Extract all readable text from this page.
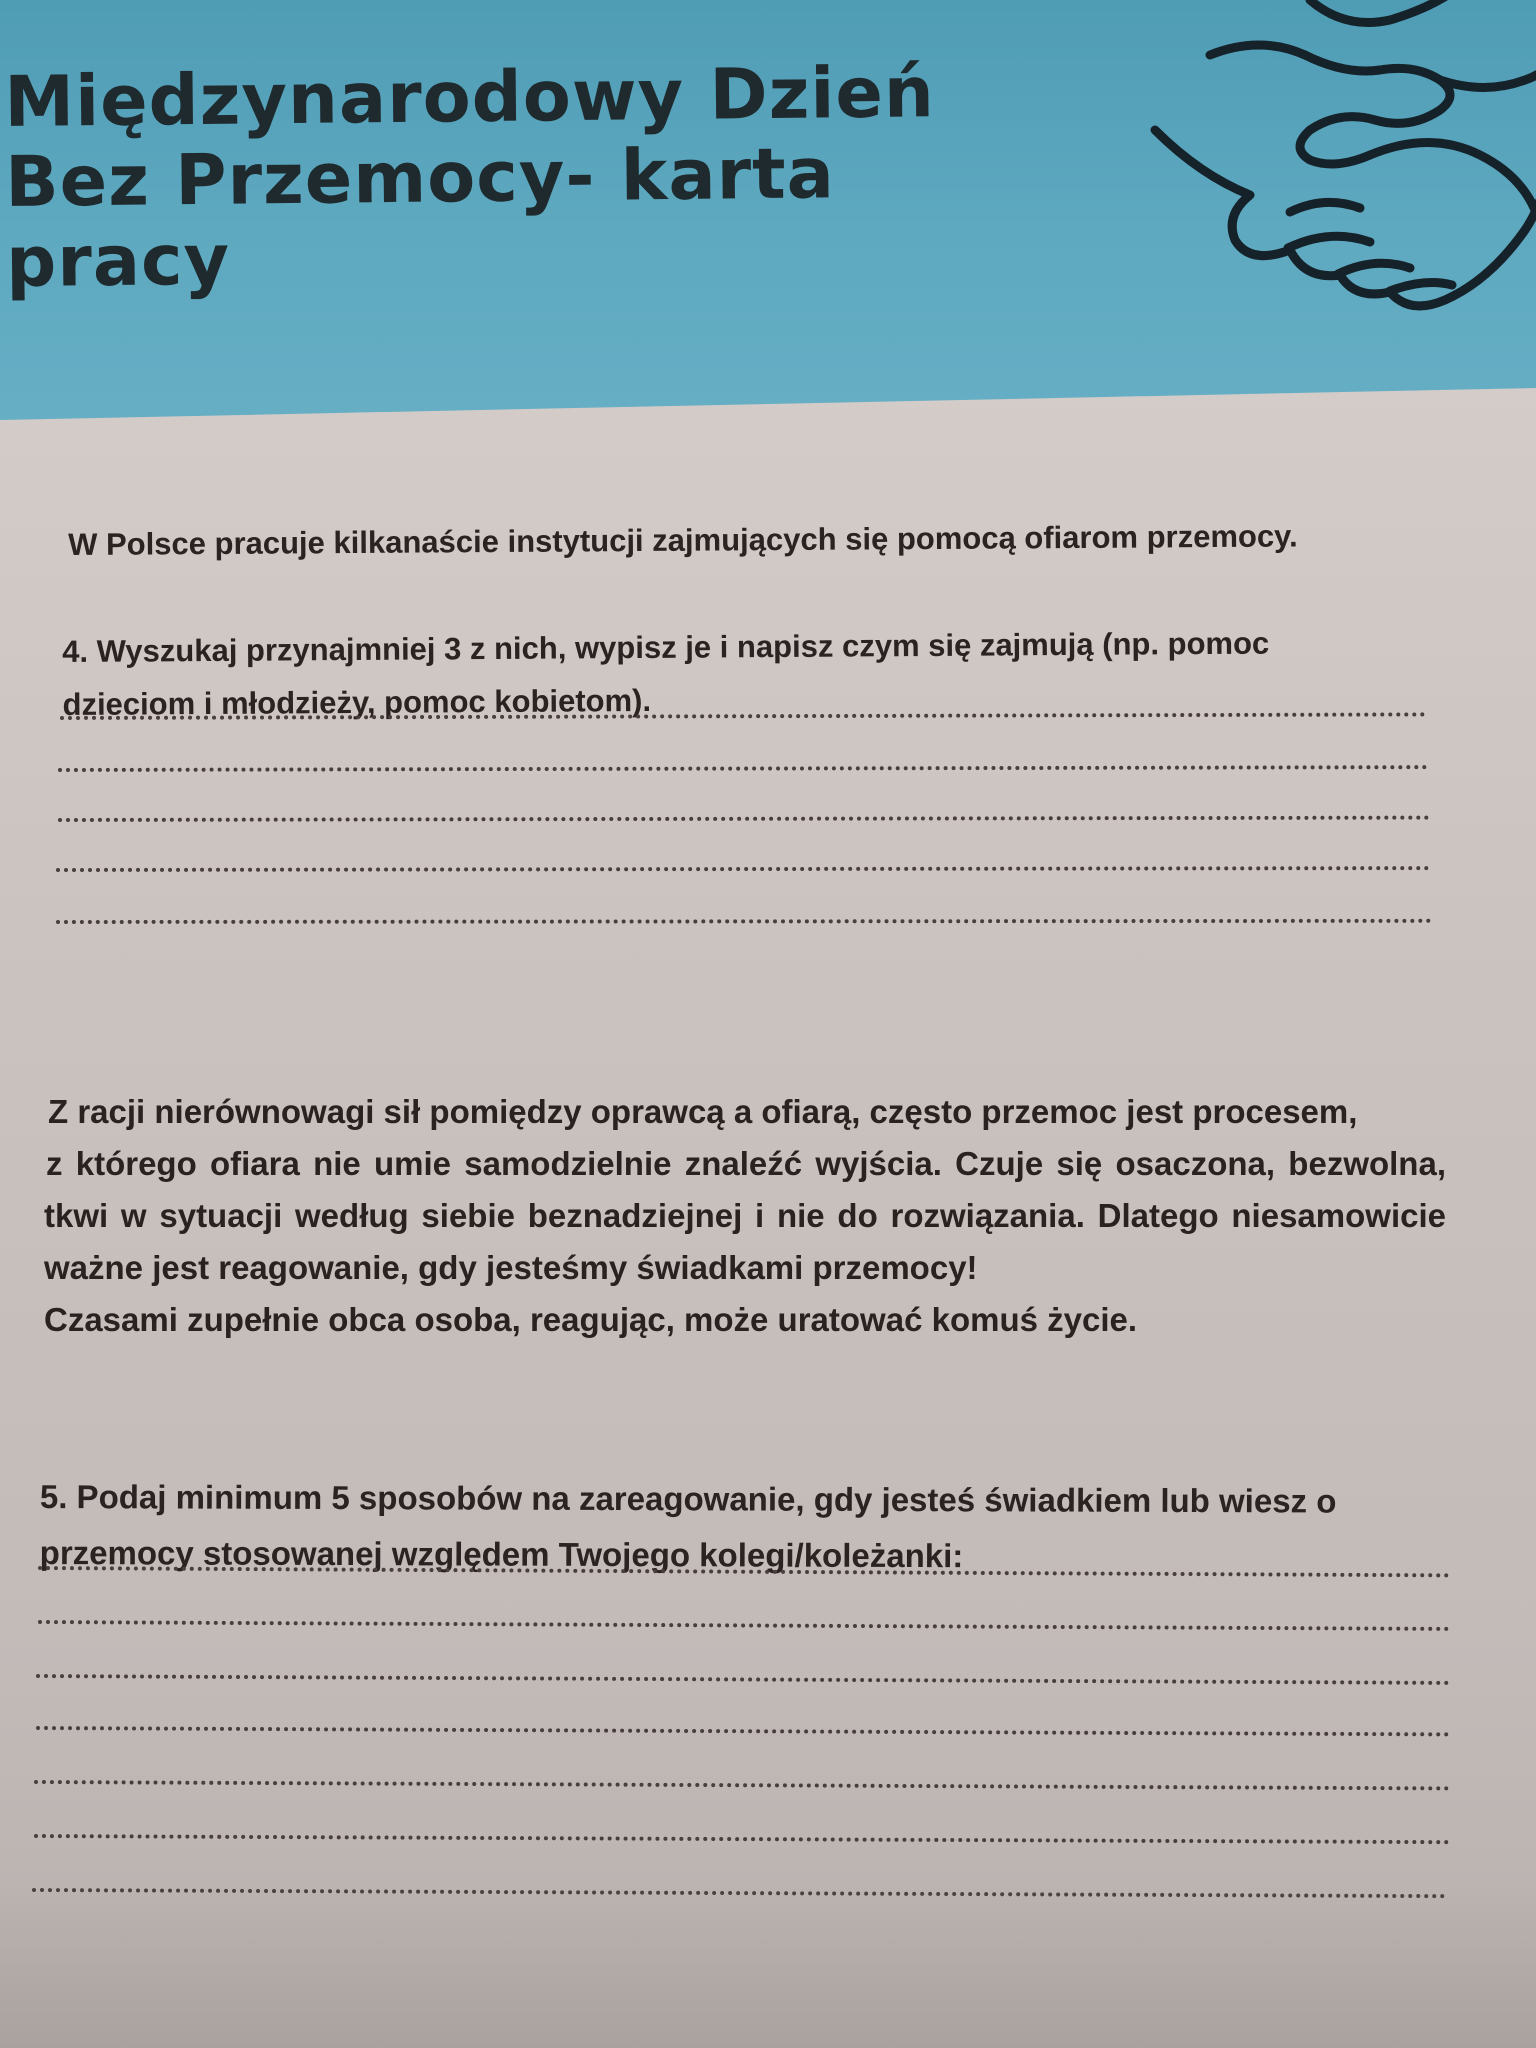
Międzynarodowy Dzień Bez Przemocy- karta pracy

W Polsce pracuje kilkanaście instytucji zajmujących się pomocą ofiarom przemocy.

4. Wyszukaj przynajmniej 3 z nich, wypisz je i napisz czym się zajmują (np. pomoc dzieciom i młodzieży, pomoc kobietom).

Z racji nierównowagi sił pomiędzy oprawcą a ofiarą, często przemoc jest procesem,
z którego ofiara nie umie samodzielnie znaleźć wyjścia. Czuje się osaczona, bezwolna,
tkwi w sytuacji według siebie beznadziejnej i nie do rozwiązania. Dlatego niesamowicie
ważne jest reagowanie, gdy jesteśmy świadkami przemocy!
Czasami zupełnie obca osoba, reagując, może uratować komuś życie.

5. Podaj minimum 5 sposobów na zareagowanie, gdy jesteś świadkiem lub wiesz o przemocy stosowanej względem Twojego kolegi/koleżanki:
